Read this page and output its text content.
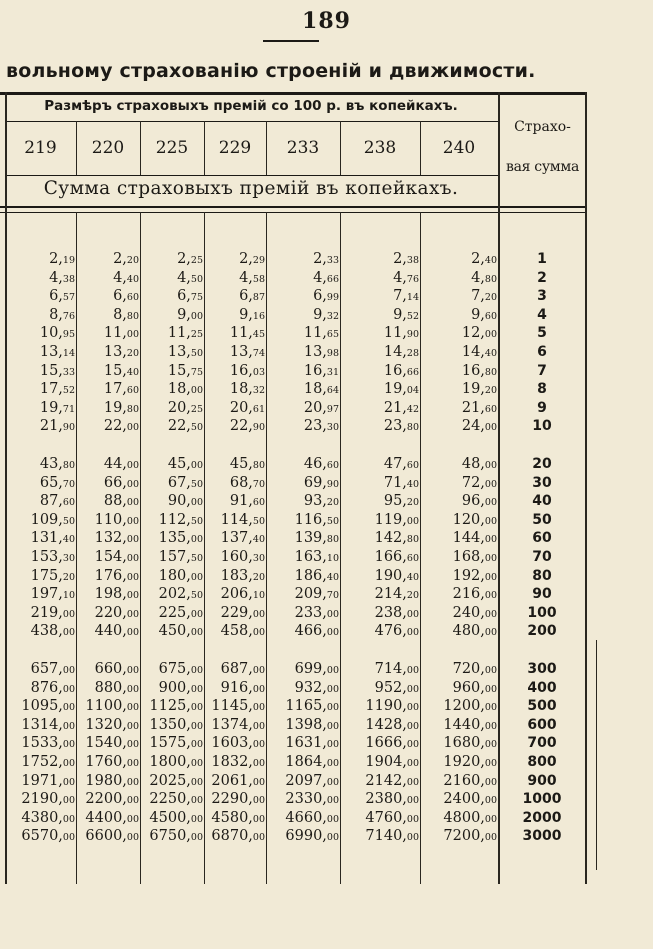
189
вольному страхованію строеній и движимости.
Размѣръ страховыхъ премій со 100 р. въ копейкахъ.
Страхо-
вая сумма
219	220	225	229	233	238	240
Сумма страховыхъ премій въ копейкахъ.
2,19	2,20	2,25	2,29	2,33	2,38	2,40	1
4,38	4,40	4,50	4,58	4,66	4,76	4,80	2
6,57	6,60	6,75	6,87	6,99	7,14	7,20	3
8,76	8,80	9,00	9,16	9,32	9,52	9,60	4
10,95	11,00	11,25	11,45	11,65	11,90	12,00	5
13,14	13,20	13,50	13,74	13,98	14,28	14,40	6
15,33	15,40	15,75	16,03	16,31	16,66	16,80	7
17,52	17,60	18,00	18,32	18,64	19,04	19,20	8
19,71	19,80	20,25	20,61	20,97	21,42	21,60	9
21,90	22,00	22,50	22,90	23,30	23,80	24,00	10
43,80	44,00	45,00	45,80	46,60	47,60	48,00	20
65,70	66,00	67,50	68,70	69,90	71,40	72,00	30
87,60	88,00	90,00	91,60	93,20	95,20	96,00	40
109,50	110,00	112,50	114,50	116,50	119,00	120,00	50
131,40	132,00	135,00	137,40	139,80	142,80	144,00	60
153,30	154,00	157,50	160,30	163,10	166,60	168,00	70
175,20	176,00	180,00	183,20	186,40	190,40	192,00	80
197,10	198,00	202,50	206,10	209,70	214,20	216,00	90
219,00	220,00	225,00	229,00	233,00	238,00	240,00	100
438,00	440,00	450,00	458,00	466,00	476,00	480,00	200
657,00	660,00	675,00	687,00	699,00	714,00	720,00	300
876,00	880,00	900,00	916,00	932,00	952,00	960,00	400
1095,00 1100,00 1125,00 1145,00	1165,00	1190,00	1200,00	500
1314,00 1320,00 1350,00 1374,00	1398,00	1428,00	1440,00	600
1533,00 1540,00 1575,00 1603,00	1631,00	1666,00	1680,00	700
1752,00 1760,00 1800,00 1832,00	1864,00	1904,00	1920,00	800
1971,00 1980,00 2025,00 2061,00	2097,00	2142,00	2160,00	900
2190,00 2200,00 2250,00 2290,00	2330,00	2380,00	2400,00	1000
4380,00 4400,00 4500,00 4580,00	4660,00	4760,00	4800,00	2000
6570,00 6600,00 6750,00 6870,00	6990,00	7140,00	7200,00	3000
